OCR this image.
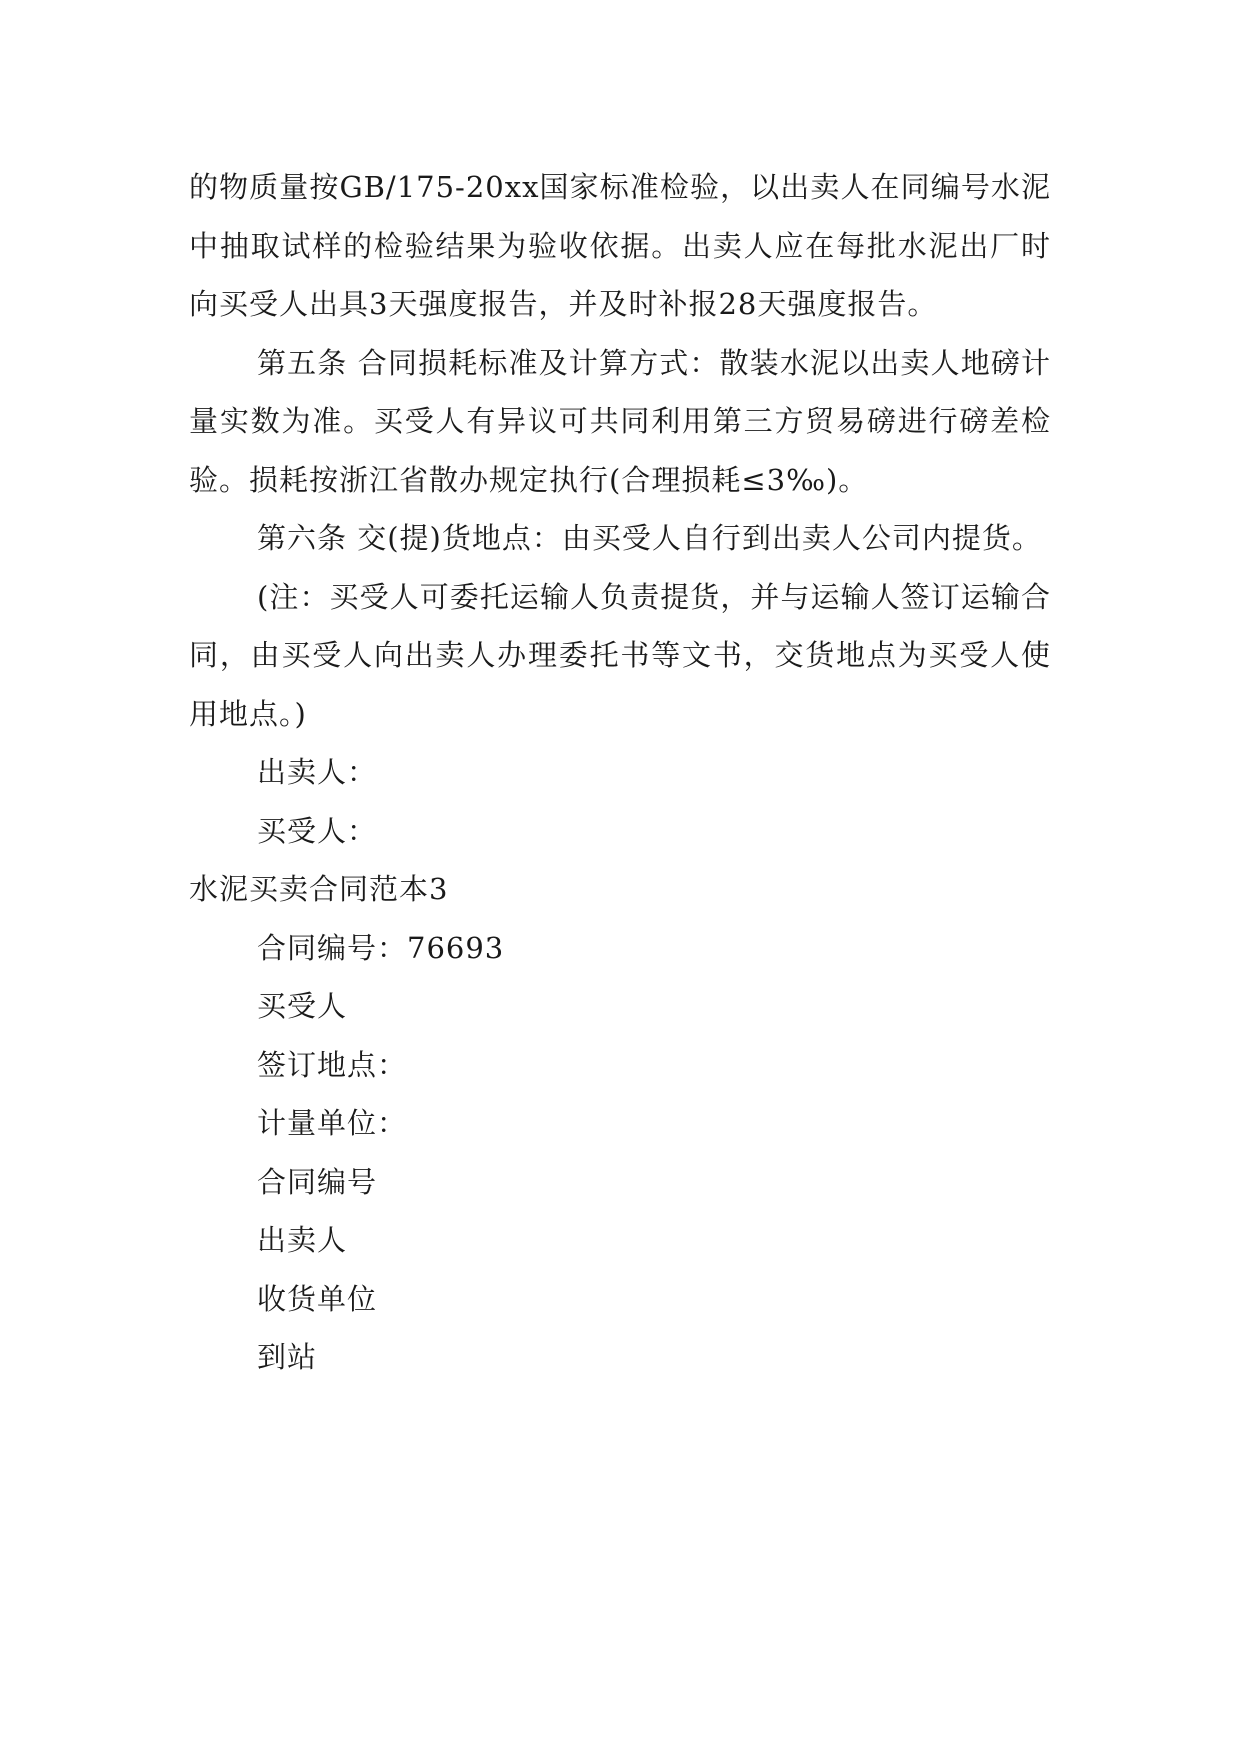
的物质量按GB/175-20xx国家标准检验，以出卖人在同编号水泥中抽取试样的检验结果为验收依据。出卖人应在每批水泥出厂时向买受人出具3天强度报告，并及时补报28天强度报告。

第五条 合同损耗标准及计算方式：散装水泥以出卖人地磅计量实数为准。买受人有异议可共同利用第三方贸易磅进行磅差检验。损耗按浙江省散办规定执行(合理损耗≤3‰)。

第六条 交(提)货地点：由买受人自行到出卖人公司内提货。

(注：买受人可委托运输人负责提货，并与运输人签订运输合同，由买受人向出卖人办理委托书等文书，交货地点为买受人使用地点。)

出卖人：

买受人：

水泥买卖合同范本3

合同编号：76693

买受人

签订地点：

计量单位：

合同编号

出卖人

收货单位

到站
